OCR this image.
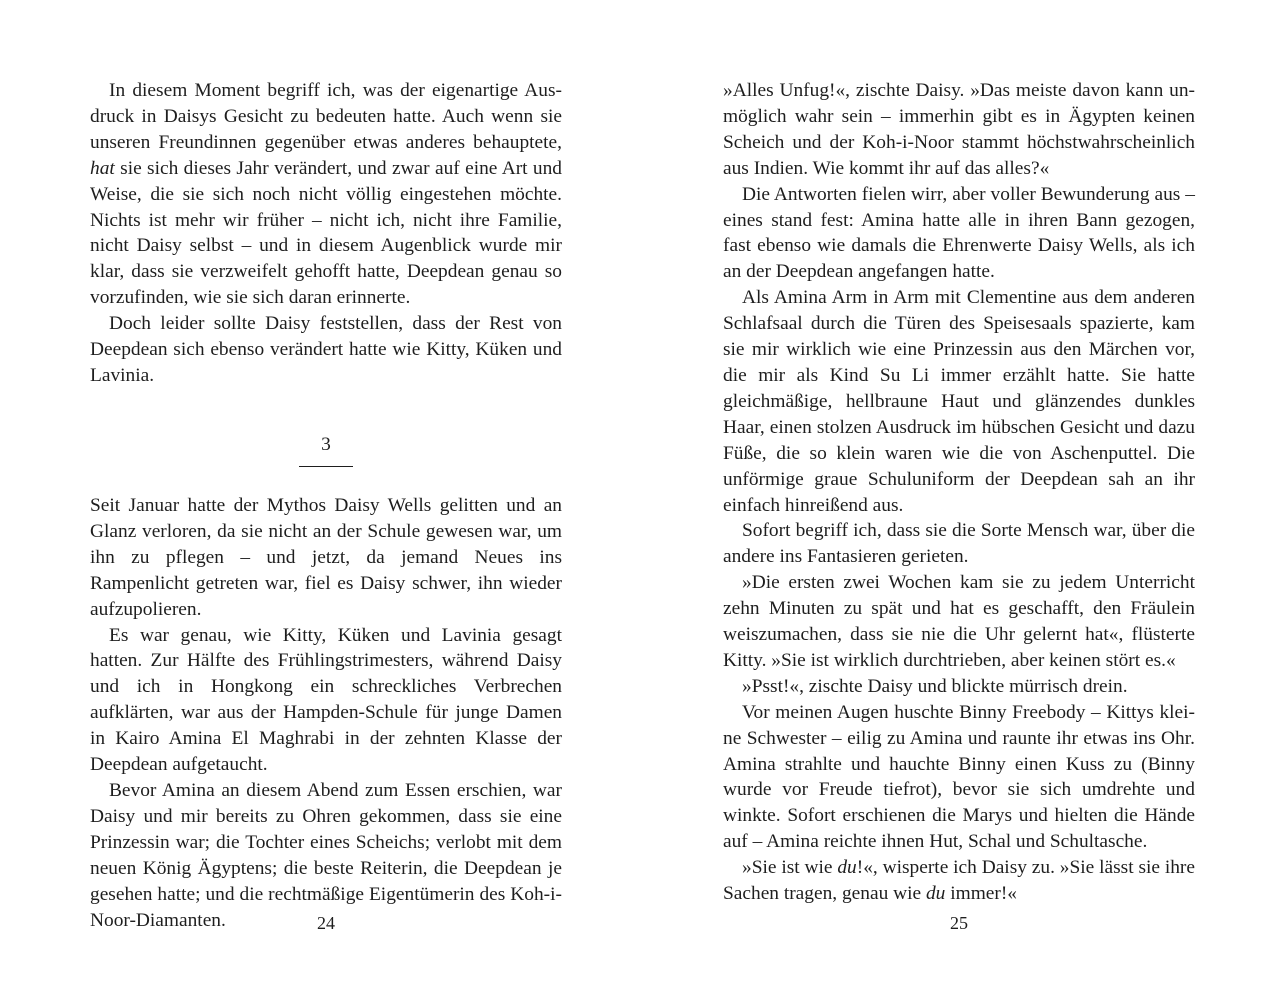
In diesem Moment begriff ich, was der eigenartige Ausdruck in Daisys Gesicht zu bedeuten hatte. Auch wenn sie unseren Freundinnen gegenüber etwas anderes behauptete, hat sie sich dieses Jahr verändert, und zwar auf eine Art und Weise, die sie sich noch nicht völlig eingestehen möchte. Nichts ist mehr wir früher – nicht ich, nicht ihre Familie, nicht Daisy selbst – und in diesem Augenblick wurde mir klar, dass sie verzweifelt gehofft hatte, Deepdean genau so vorzufinden, wie sie sich daran erinnerte.

Doch leider sollte Daisy feststellen, dass der Rest von Deepdean sich ebenso verändert hatte wie Kitty, Küken und Lavinia.

3

Seit Januar hatte der Mythos Daisy Wells gelitten und an Glanz verloren, da sie nicht an der Schule gewesen war, um ihn zu pflegen – und jetzt, da jemand Neues ins Rampenlicht getreten war, fiel es Daisy schwer, ihn wieder aufzupolieren.

Es war genau, wie Kitty, Küken und Lavinia gesagt hatten. Zur Hälfte des Frühlingstrimesters, während Daisy und ich in Hongkong ein schreckliches Verbrechen aufklärten, war aus der Hampden-Schule für junge Damen in Kairo Amina El Maghrabi in der zehnten Klasse der Deepdean aufgetaucht.

Bevor Amina an diesem Abend zum Essen erschien, war Daisy und mir bereits zu Ohren gekommen, dass sie eine Prinzessin war; die Tochter eines Scheichs; verlobt mit dem neuen König Ägyptens; die beste Reiterin, die Deepdean je gesehen hatte; und die rechtmäßige Eigentümerin des Koh-i-Noor-Diamanten.	24

»Alles Unfug!«, zischte Daisy. »Das meiste davon kann unmöglich wahr sein – immerhin gibt es in Ägypten keinen Scheich und der Koh-i-Noor stammt höchstwahrscheinlich aus Indien. Wie kommt ihr auf das alles?«

Die Antworten fielen wirr, aber voller Bewunderung aus – eines stand fest: Amina hatte alle in ihren Bann gezogen, fast ebenso wie damals die Ehrenwerte Daisy Wells, als ich an der Deepdean angefangen hatte.

Als Amina Arm in Arm mit Clementine aus dem anderen Schlafsaal durch die Türen des Speisesaals spazierte, kam sie mir wirklich wie eine Prinzessin aus den Märchen vor, die mir als Kind Su Li immer erzählt hatte. Sie hatte gleichmäßige, hellbraune Haut und glänzendes dunkles Haar, einen stolzen Ausdruck im hübschen Gesicht und dazu Füße, die so klein waren wie die von Aschenputtel. Die unförmige graue Schuluniform der Deepdean sah an ihr einfach hinreißend aus.

Sofort begriff ich, dass sie die Sorte Mensch war, über die andere ins Fantasieren gerieten.

»Die ersten zwei Wochen kam sie zu jedem Unterricht zehn Minuten zu spät und hat es geschafft, den Fräulein weiszumachen, dass sie nie die Uhr gelernt hat«, flüsterte Kitty. »Sie ist wirklich durchtrieben, aber keinen stört es.«

»Psst!«, zischte Daisy und blickte mürrisch drein.

Vor meinen Augen huschte Binny Freebody – Kittys kleine Schwester – eilig zu Amina und raunte ihr etwas ins Ohr. Amina strahlte und hauchte Binny einen Kuss zu (Binny wurde vor Freude tiefrot), bevor sie sich umdrehte und winkte. Sofort erschienen die Marys und hielten die Hände auf – Amina reichte ihnen Hut, Schal und Schultasche.

»Sie ist wie du!«, wisperte ich Daisy zu. »Sie lässt sie ihre Sachen tragen, genau wie du immer!«

25
